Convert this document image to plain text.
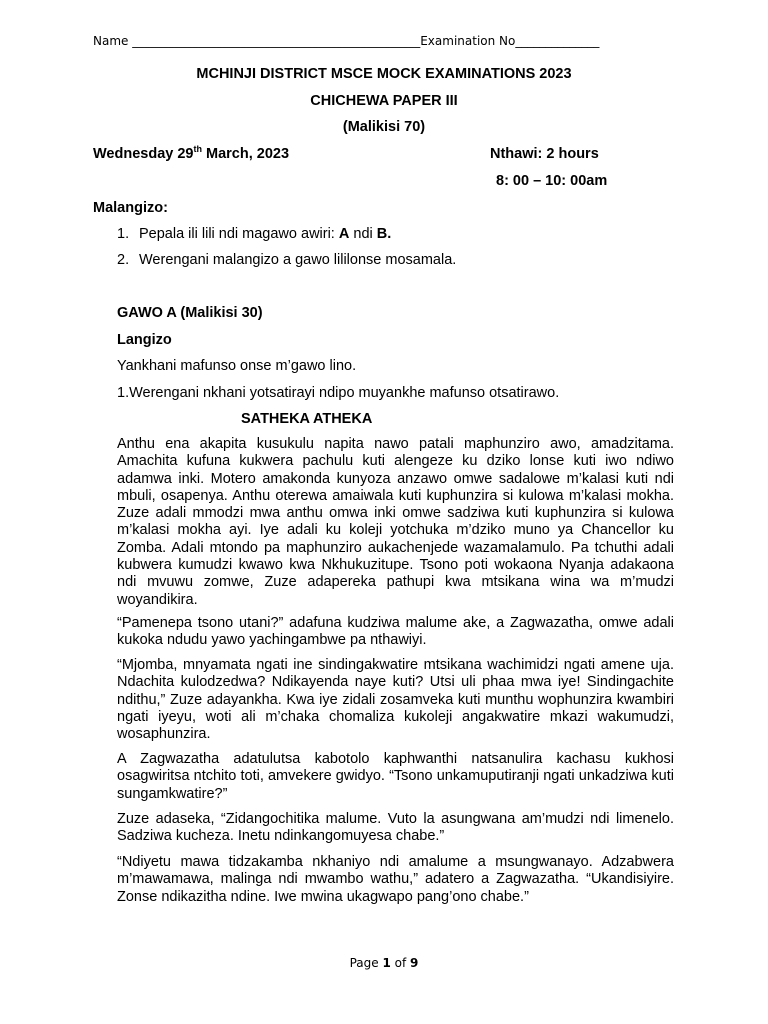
Name ________________________________________________Examination No______________
MCHINJI DISTRICT MSCE MOCK EXAMINATIONS 2023
CHICHEWA PAPER III
(Malikisi 70)
Wednesday 29th March, 2023	Nthawi: 2 hours
8: 00 – 10: 00am
Malangizo:
1. Pepala ili lili ndi magawo awiri: A ndi B.
2. Werengani malangizo a gawo lililonse mosamala.
GAWO A (Malikisi 30)
Langizo
Yankhani mafunso onse m’gawo lino.
1.Werengani nkhani yotsatirayi ndipo muyankhe mafunso otsatirawo.
SATHEKA ATHEKA
Anthu ena akapita kusukulu napita nawo patali maphunziro awo, amadzitama. Amachita kufuna kukwera pachulu kuti alengeze ku dziko lonse kuti iwo ndiwo adamwa inki. Motero amakonda kunyoza anzawo omwe sadalowe m’kalasi kuti ndi mbuli, osapenya. Anthu oterewa amaiwala kuti kuphunzira si kulowa m’kalasi mokha. Zuze adali mmodzi mwa anthu omwa inki omwe sadziwa kuti kuphunzira si kulowa m’kalasi mokha ayi. Iye adali ku koleji yotchuka m’dziko muno ya Chancellor ku Zomba. Adali mtondo pa maphunziro aukachenjede wazamalamulo. Pa tchuthi adali kubwera kumudzi kwawo kwa Nkhukuzitupe. Tsono poti wokaona Nyanja adakaona ndi mvuwu zomwe, Zuze adapereka pathupi kwa mtsikana wina wa m’mudzi woyandikira.
“Pamenepa tsono utani?” adafuna kudziwa malume ake, a Zagwazatha, omwe adali kukoka ndudu yawo yachingambwe pa nthawiyi.
“Mjomba, mnyamata ngati ine sindingakwatire mtsikana wachimidzi ngati amene uja. Ndachita kulodzedwa? Ndikayenda naye kuti? Utsi uli phaa mwa iye! Sindingachite ndithu,” Zuze adayankha. Kwa iye zidali zosamveka kuti munthu wophunzira kwambiri ngati iyeyu, woti ali m’chaka chomaliza kukoleji angakwatire mkazi wakumudzi, wosaphunzira.
A Zagwazatha adatulutsa kabotolo kaphwanthi natsanulira kachasu kukhosi osagwiritsa ntchito toti, amvekere gwidyo. “Tsono unkamuputiranji ngati unkadziwa kuti sungamkwatire?”
Zuze adaseka, “Zidangochitika malume. Vuto la asungwana am’mudzi ndi limenelo. Sadziwa kucheza. Inetu ndinkangomuyesa chabe.”
“Ndiyetu mawa tidzakamba nkhaniyo ndi amalume a msungwanayo. Adzabwera m’mawamawa, malinga ndi mwambo wathu,” adatero a Zagwazatha. “Ukandisiyire. Zonse ndikazitha ndine. Iwe mwina ukagwapo pang’ono chabe.”
Page 1 of 9
